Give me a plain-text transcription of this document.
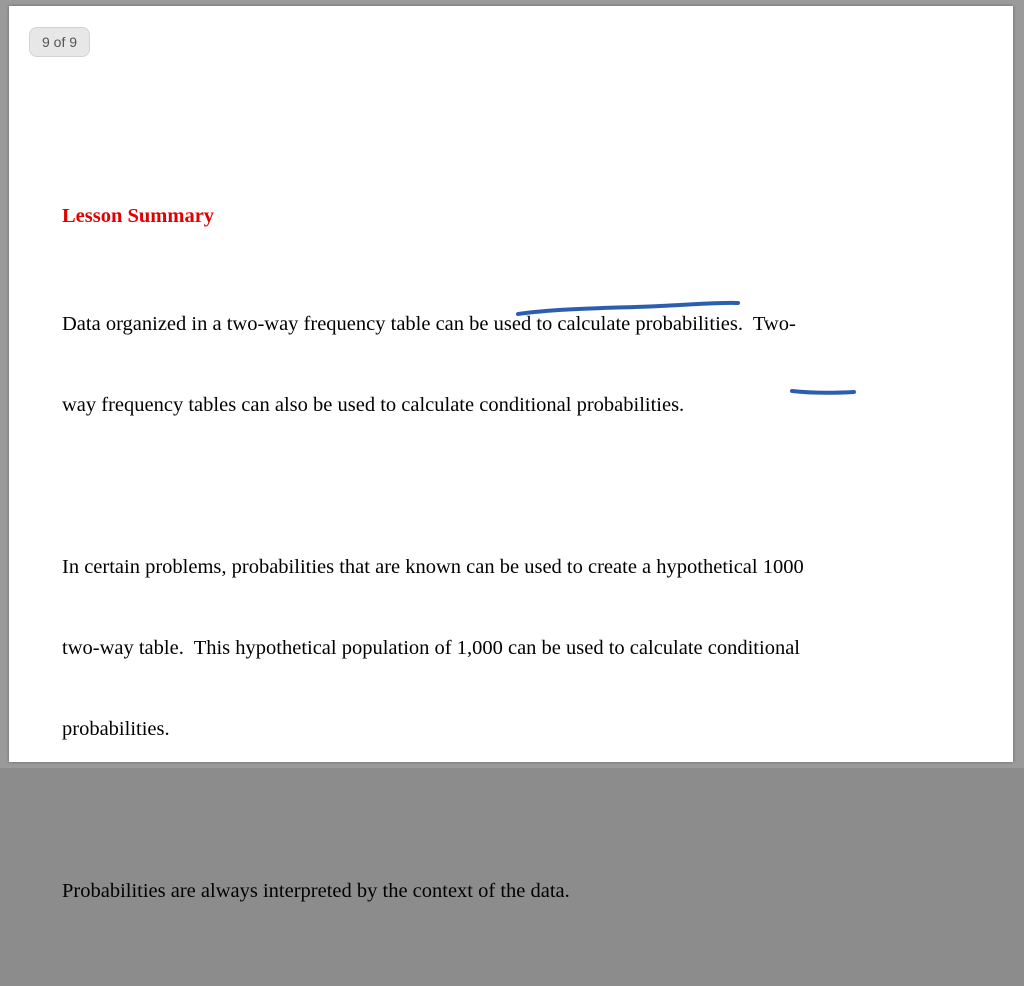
9 of 9
Lesson Summary

Data organized in a two-way frequency table can be used to calculate probabilities.  Two-

way frequency tables can also be used to calculate conditional probabilities.

In certain problems, probabilities that are known can be used to create a hypothetical 1000

two-way table.  This hypothetical population of 1,000 can be used to calculate conditional

probabilities.

Probabilities are always interpreted by the context of the data.
